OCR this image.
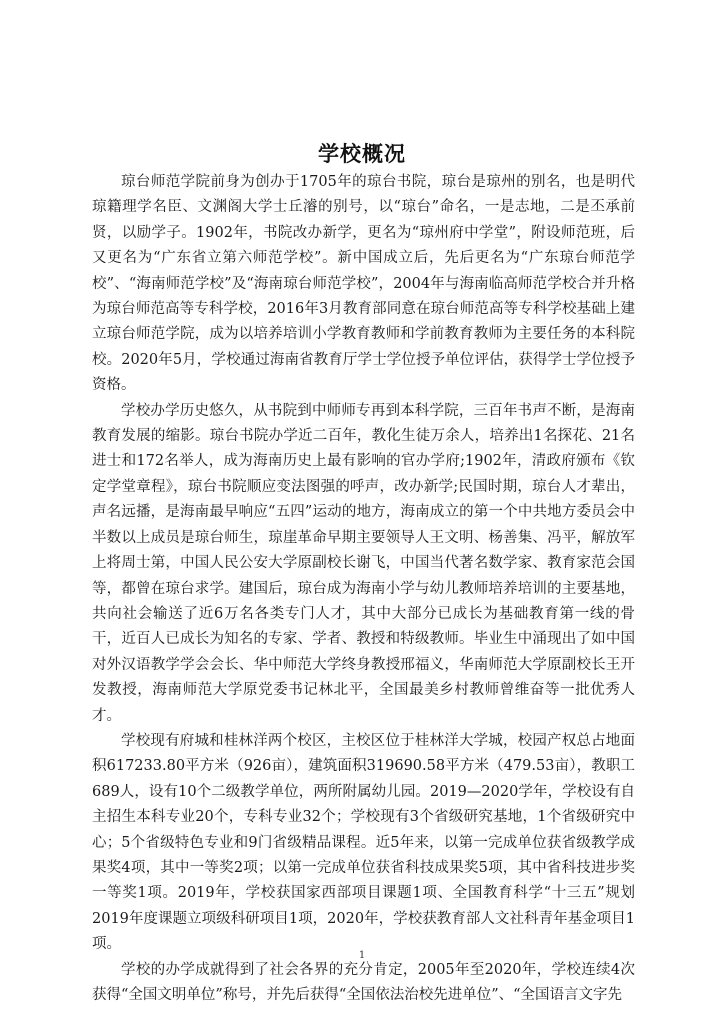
学校概况

琼台师范学院前身为创办于1705年的琼台书院，琼台是琼州的别名，也是明代琼籍理学名臣、文渊阁大学士丘濬的别号，以“琼台”命名，一是志地，二是丕承前贤，以励学子。1902年，书院改办新学，更名为“琼州府中学堂”，附设师范班，后又更名为“广东省立第六师范学校”。新中国成立后，先后更名为“广东琼台师范学校”、“海南师范学校”及“海南琼台师范学校”，2004年与海南临高师范学校合并升格为琼台师范高等专科学校，2016年3月教育部同意在琼台师范高等专科学校基础上建立琼台师范学院，成为以培养培训小学教育教师和学前教育教师为主要任务的本科院校。2020年5月，学校通过海南省教育厅学士学位授予单位评估，获得学士学位授予资格。

学校办学历史悠久，从书院到中师师专再到本科学院，三百年书声不断，是海南教育发展的缩影。琼台书院办学近二百年，教化生徒万余人，培养出1名探花、21名进士和172名举人，成为海南历史上最有影响的官办学府;1902年，清政府颁布《钦定学堂章程》，琼台书院顺应变法图强的呼声，改办新学;民国时期，琼台人才辈出，声名远播，是海南最早响应“五四”运动的地方，海南成立的第一个中共地方委员会中半数以上成员是琼台师生，琼崖革命早期主要领导人王文明、杨善集、冯平，解放军上将周士第，中国人民公安大学原副校长谢飞，中国当代著名数学家、教育家范会国等，都曾在琼台求学。建国后，琼台成为海南小学与幼儿教师培养培训的主要基地，共向社会输送了近6万名各类专门人才，其中大部分已成长为基础教育第一线的骨干，近百人已成长为知名的专家、学者、教授和特级教师。毕业生中涌现出了如中国对外汉语教学学会会长、华中师范大学终身教授邢福义，华南师范大学原副校长王开发教授，海南师范大学原党委书记林北平，全国最美乡村教师曾维奋等一批优秀人才。

学校现有府城和桂林洋两个校区，主校区位于桂林洋大学城，校园产权总占地面积617233.80平方米（926亩），建筑面积319690.58平方米（479.53亩），教职工689人，设有10个二级教学单位，两所附属幼儿园。2019—2020学年，学校设有自主招生本科专业20个，专科专业32个；学校现有3个省级研究基地，1个省级研究中心；5个省级特色专业和9门省级精品课程。近5年来，以第一完成单位获省级教学成果奖4项，其中一等奖2项；以第一完成单位获省科技成果奖5项，其中省科技进步奖一等奖1项。2019年，学校获国家西部项目课题1项、全国教育科学“十三五”规划2019年度课题立项级科研项目1项，2020年，学校获教育部人文社科青年基金项目1项。

学校的办学成就得到了社会各界的充分肯定，2005年至2020年，学校连续4次获得“全国文明单位”称号，并先后获得“全国依法治校先进单位”、“全国语言文字先

1
